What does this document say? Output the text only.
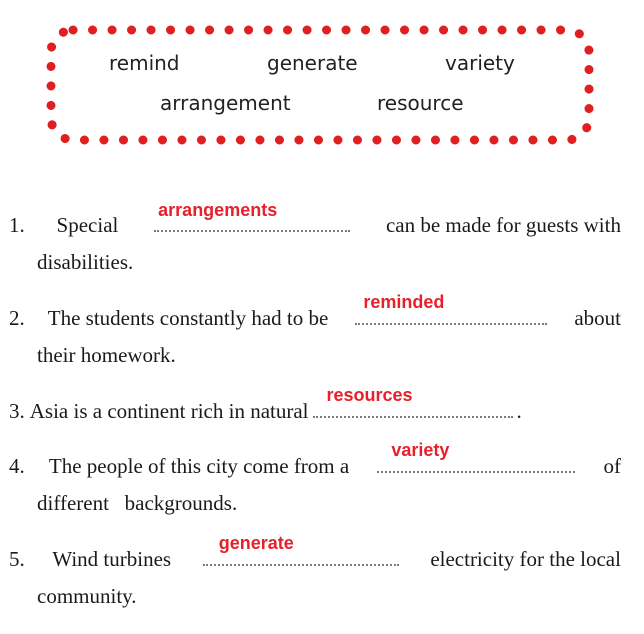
remind	generate	variety
arrangement	resource
1. Special
arrangements
can be made for guests with
disabilities.
2. The students constantly had to be
reminded
about
their homework.
3. Asia is a continent rich in natural
resources
.
4. The people of this city come from a
variety
of
different   backgrounds.
5. Wind turbines
generate
electricity for the local
community.
